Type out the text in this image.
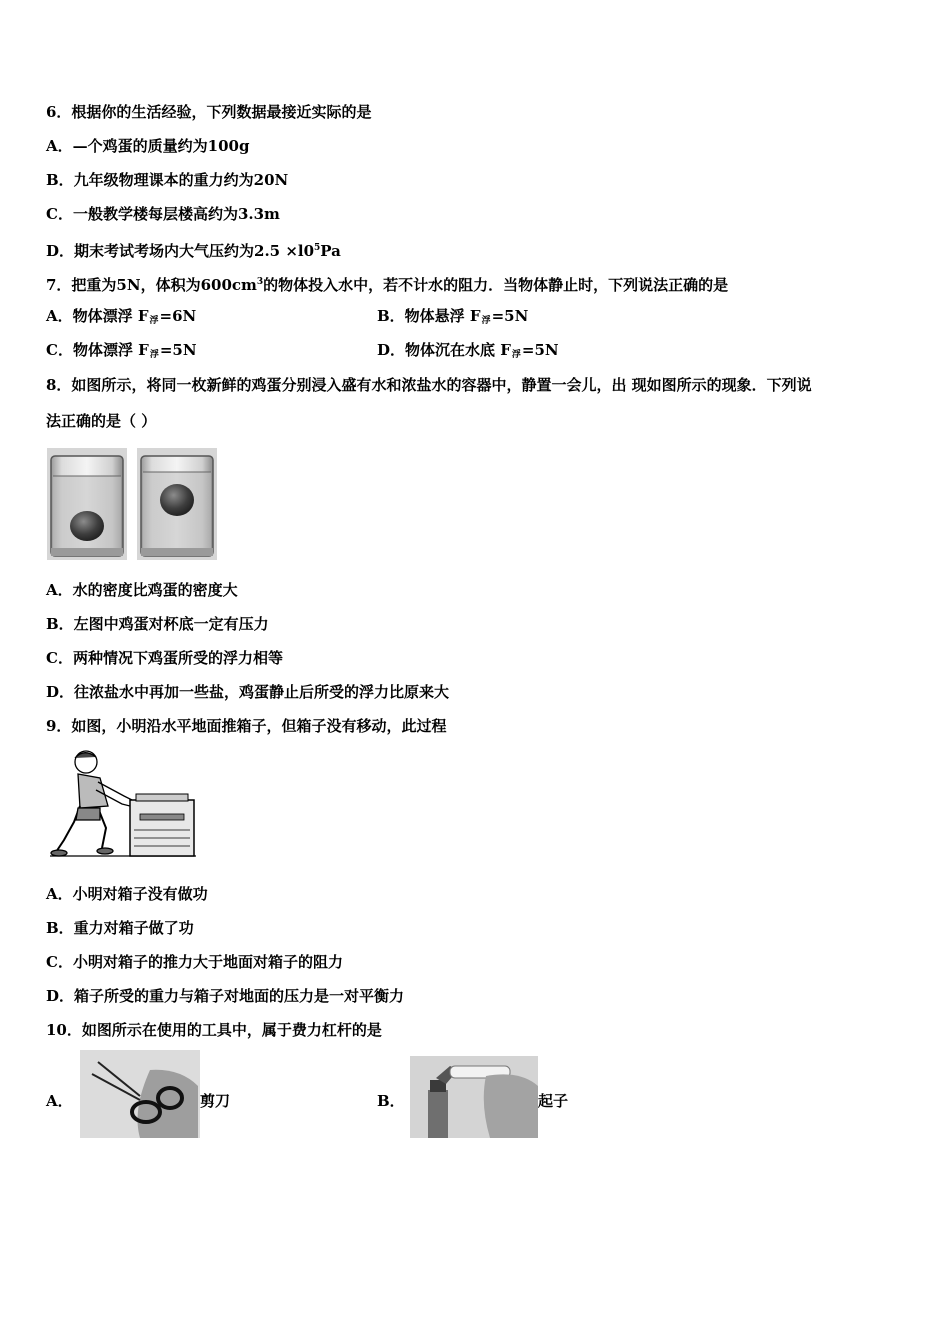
6．根据你的生活经验，下列数据最接近实际的是
A．—个鸡蛋的质量约为100g
B．九年级物理课本的重力约为20N
C．一般教学楼每层楼高约为3.3m
D．期末考试考场内大气压约为$2.5 \times l0^5Pa$
7．把重为5N，体积为$600cm^3$的物体投入水中，若不计水的阻力．当物体静止时，下列说法正确的是
A．物体漂浮 $F_浮=6N$	B．物体悬浮 $F_浮=5N$
C．物体漂浮 $F_浮=5N$	D．物体沉在水底 $F_浮=5N$
8．如图所示，将同一枚新鲜的鸡蛋分别浸入盛有水和浓盐水的容器中，静置一会儿，出 现如图所示的现象．下列说
法正确的是（ ）
A．水的密度比鸡蛋的密度大
B．左图中鸡蛋对杯底一定有压力
C．两种情况下鸡蛋所受的浮力相等
D．往浓盐水中再加一些盐，鸡蛋静止后所受的浮力比原来大
9．如图，小明沿水平地面推箱子，但箱子没有移动，此过程
A．小明对箱子没有做功
B．重力对箱子做了功
C．小明对箱子的推力大于地面对箱子的阻力
D．箱子所受的重力与箱子对地面的压力是一对平衡力
10．如图所示在使用的工具中，属于费力杠杆的是
A．	剪刀	B．	起子
